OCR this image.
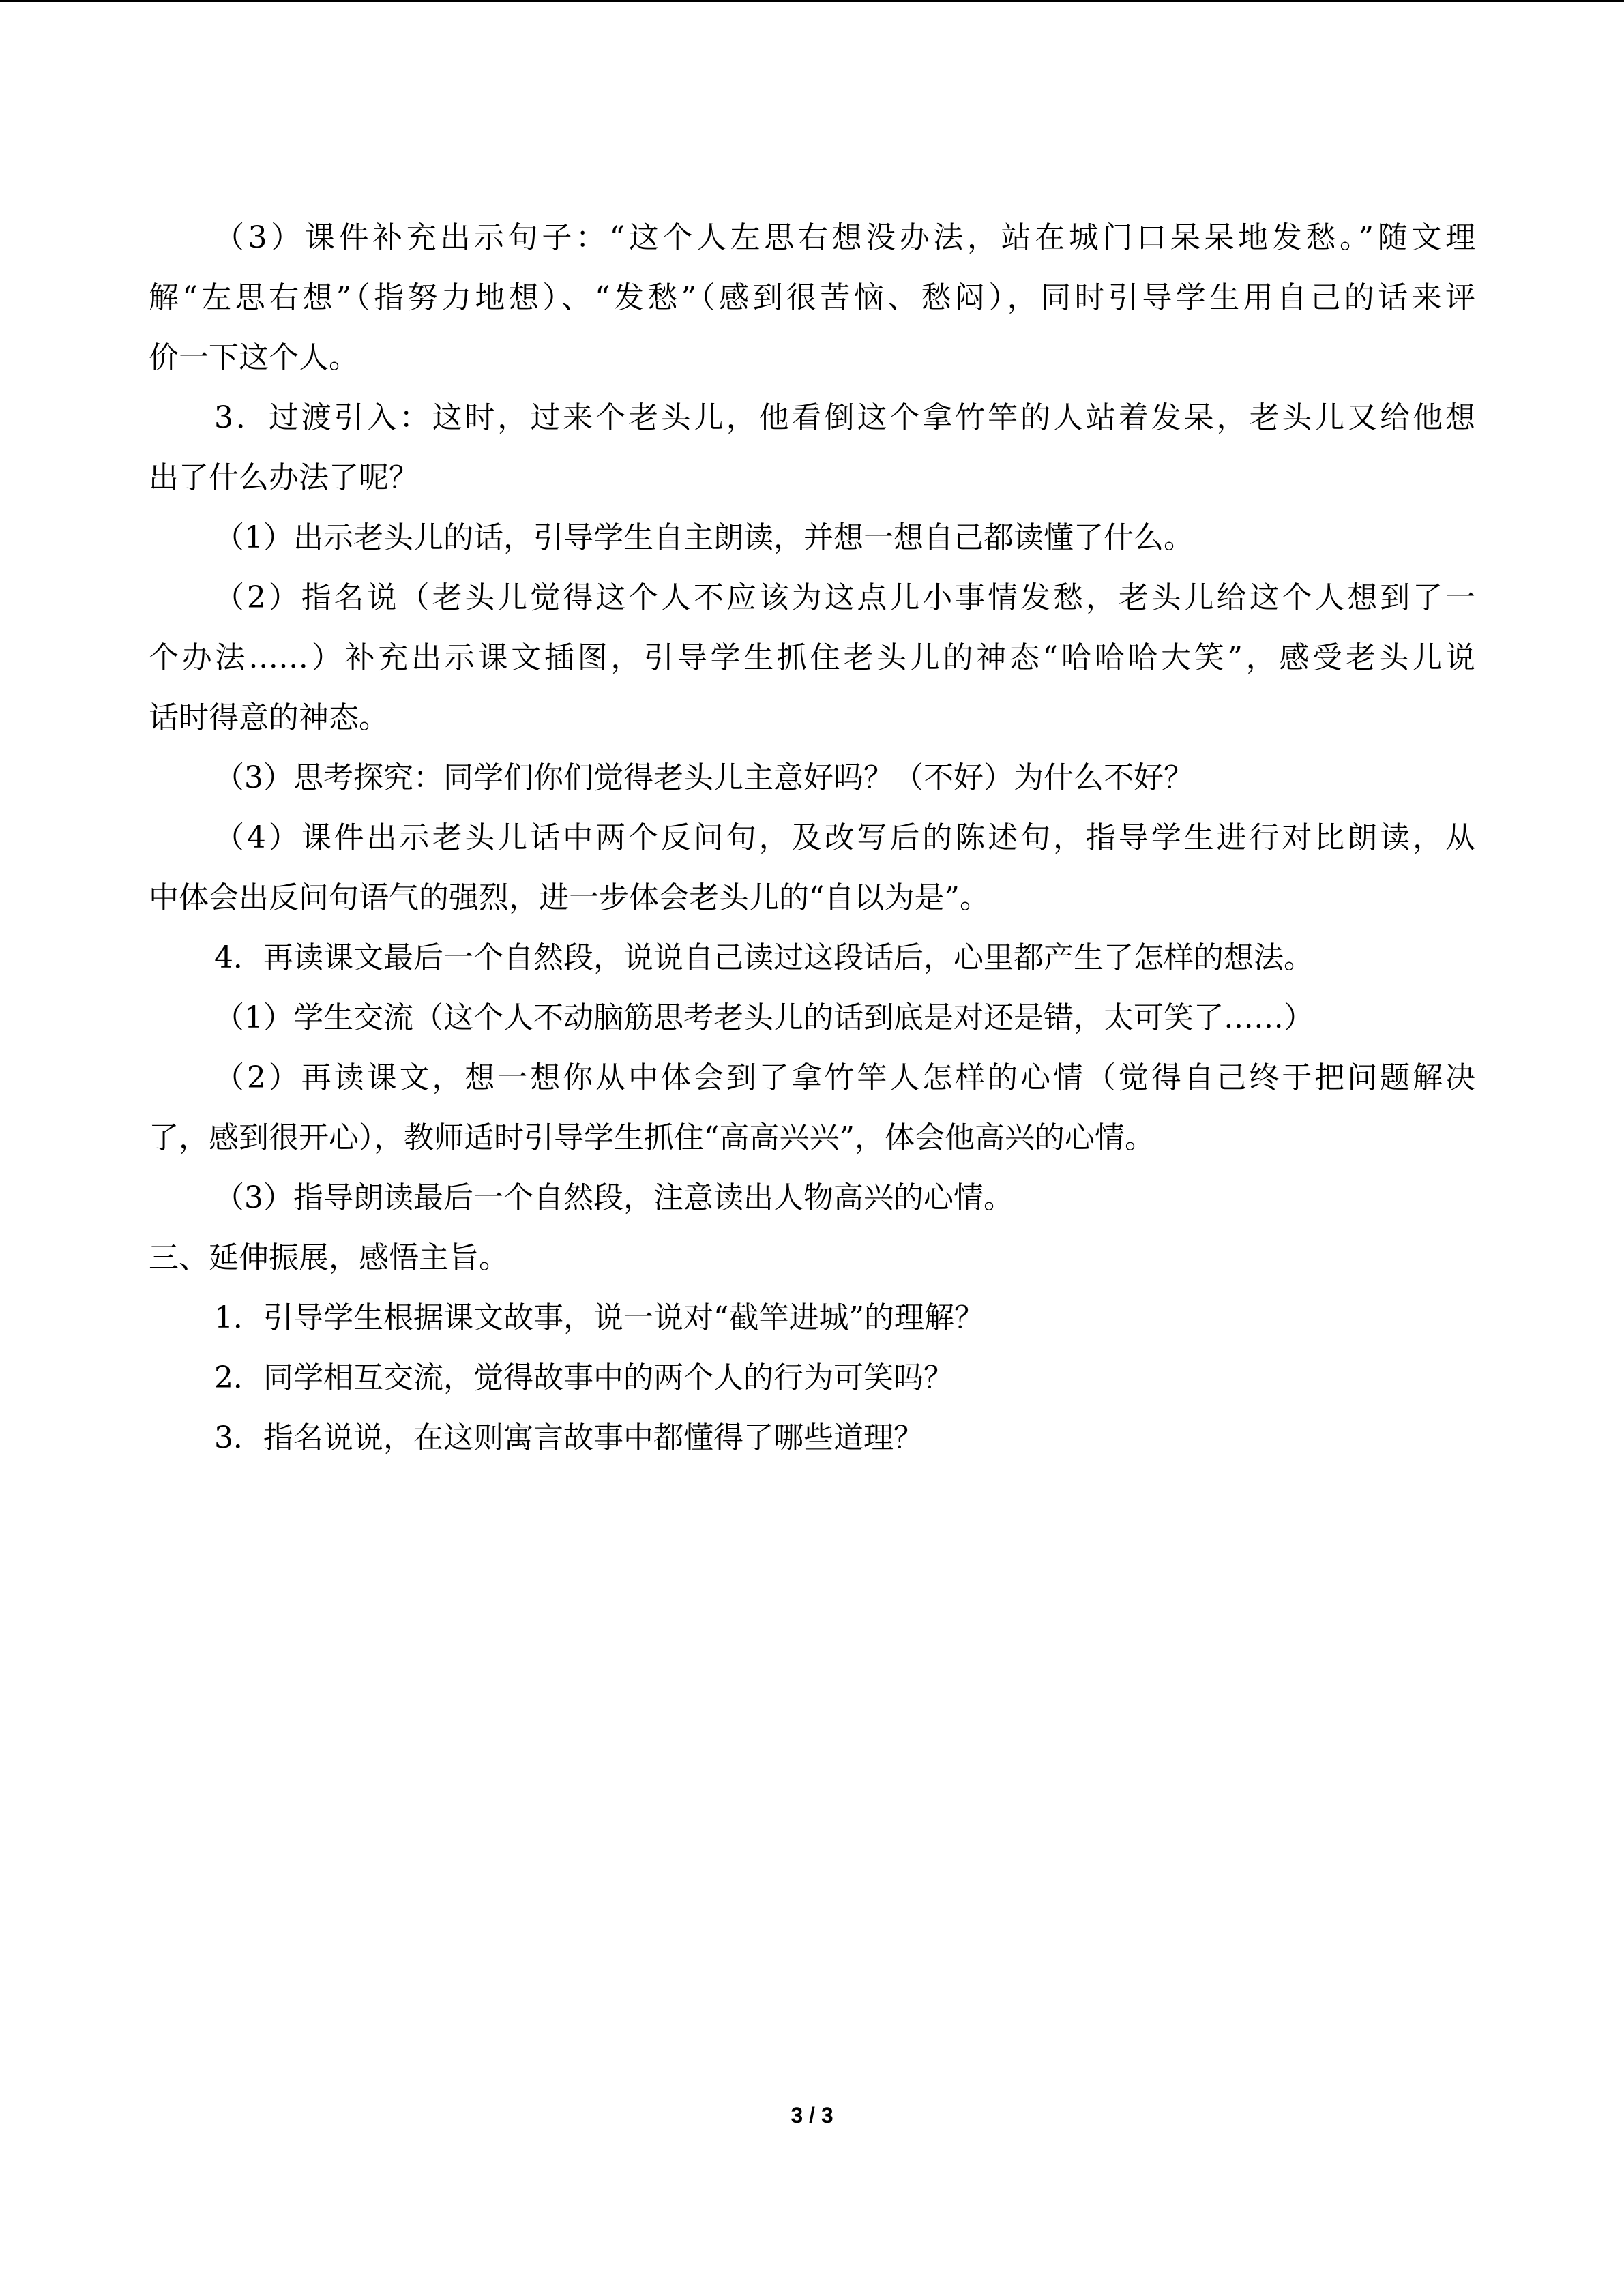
（3）课件补充出示句子：“这个人左思右想没办法，站在城门口呆呆地发愁。”随文理
解“左思右想”（指努力地想）、“发愁”（感到很苦恼、愁闷），同时引导学生用自己的话来评
价一下这个人。
3．过渡引入：这时，过来个老头儿，他看倒这个拿竹竿的人站着发呆，老头儿又给他想
出了什么办法了呢？
（1）出示老头儿的话，引导学生自主朗读，并想一想自己都读懂了什么。
（2）指名说（老头儿觉得这个人不应该为这点儿小事情发愁，老头儿给这个人想到了一
个办法……）补充出示课文插图，引导学生抓住老头儿的神态“哈哈哈大笑”，感受老头儿说
话时得意的神态。
（3）思考探究：同学们你们觉得老头儿主意好吗？（不好）为什么不好？
（4）课件出示老头儿话中两个反问句，及改写后的陈述句，指导学生进行对比朗读，从
中体会出反问句语气的强烈，进一步体会老头儿的“自以为是”。
4．再读课文最后一个自然段，说说自己读过这段话后，心里都产生了怎样的想法。
（1）学生交流（这个人不动脑筋思考老头儿的话到底是对还是错，太可笑了……）
（2）再读课文，想一想你从中体会到了拿竹竿人怎样的心情（觉得自己终于把问题解决
了，感到很开心），教师适时引导学生抓住“高高兴兴”，体会他高兴的心情。
（3）指导朗读最后一个自然段，注意读出人物高兴的心情。
三、延伸振展，感悟主旨。
1．引导学生根据课文故事，说一说对“截竿进城”的理解？
2．同学相互交流，觉得故事中的两个人的行为可笑吗？
3．指名说说，在这则寓言故事中都懂得了哪些道理？
3 / 3
